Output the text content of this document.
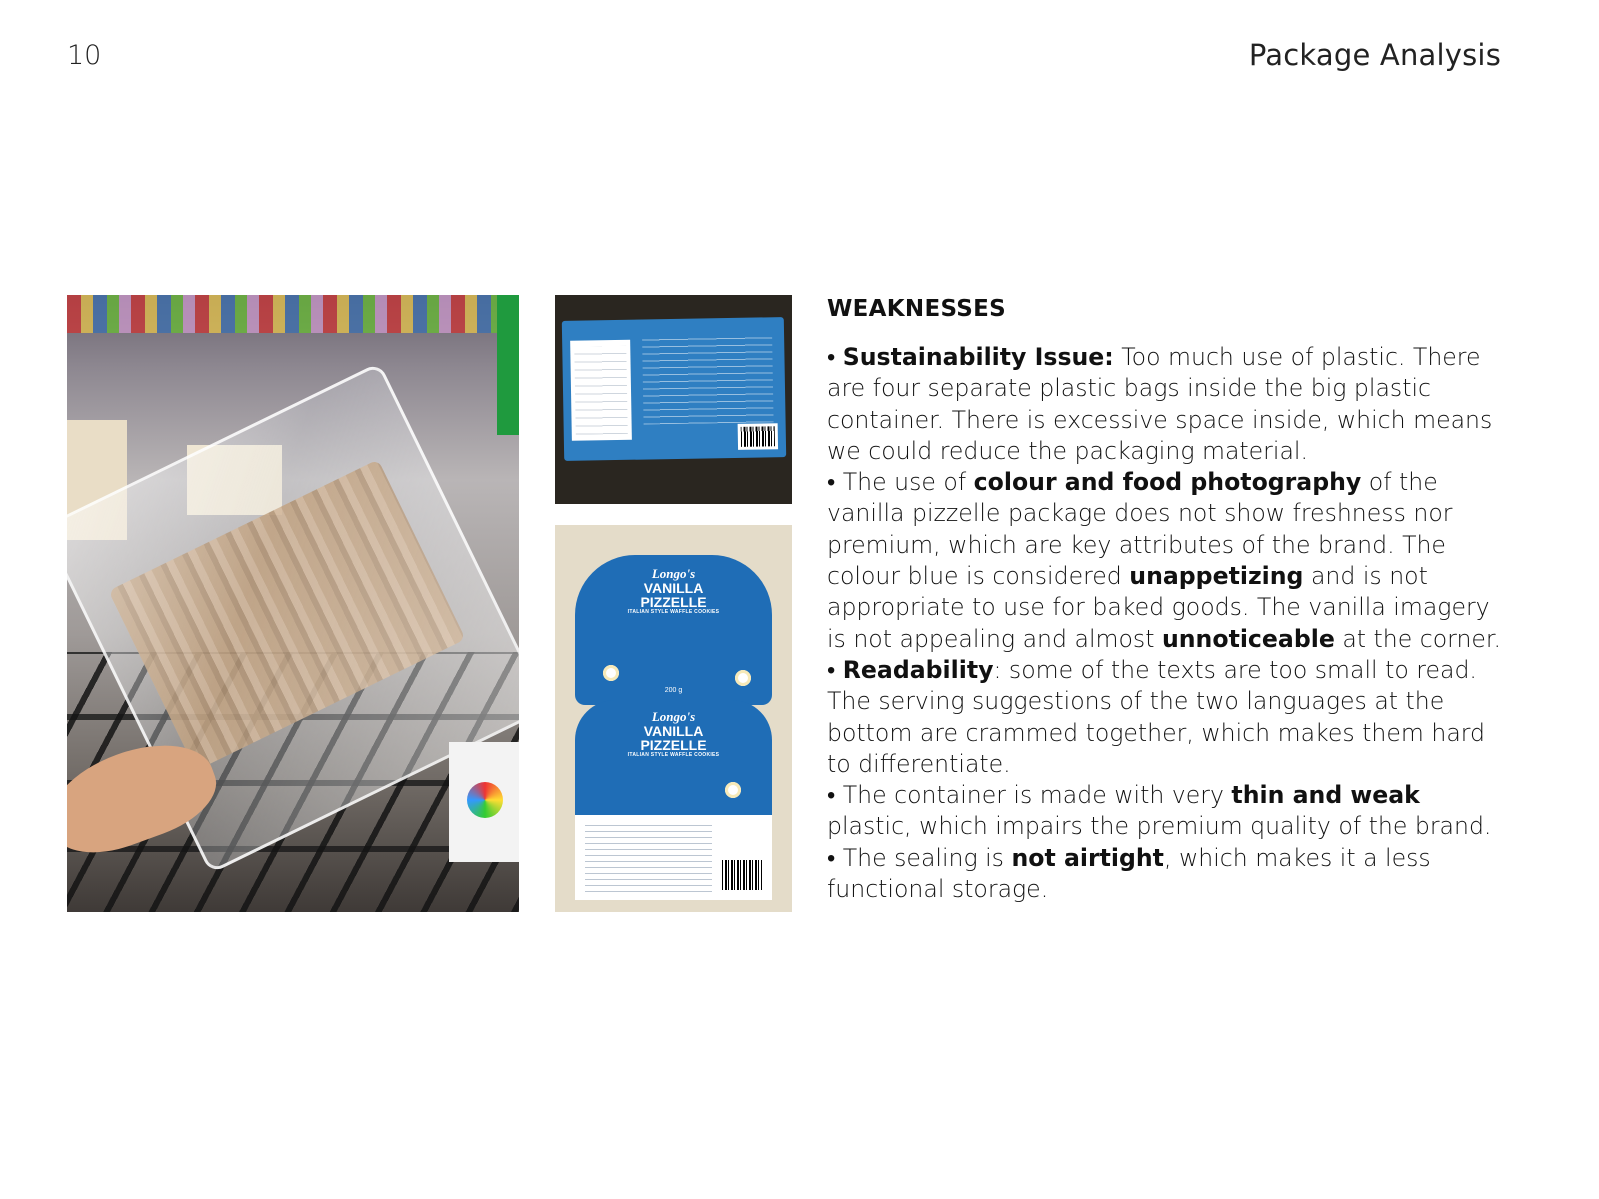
10	Package Analysis
Longo's
VANILLA
PIZZELLE
ITALIAN STYLE WAFFLE COOKIES
200 g
Longo's
VANILLA
PIZZELLE
ITALIAN STYLE WAFFLE COOKIES
WEAKNESSES
• Sustainability Issue: Too much use of plastic. There
are four separate plastic bags inside the big plastic
container. There is excessive space inside, which means
we could reduce the packaging material.
• The use of colour and food photography of the
vanilla pizzelle package does not show freshness nor
premium, which are key attributes of the brand. The
colour blue is considered unappetizing and is not
appropriate to use for baked goods. The vanilla imagery
is not appealing and almost unnoticeable at the corner.
• Readability: some of the texts are too small to read.
The serving suggestions of the two languages at the
bottom are crammed together, which makes them hard
to differentiate.
• The container is made with very thin and weak
plastic, which impairs the premium quality of the brand.
• The sealing is not airtight, which makes it a less
functional storage.
